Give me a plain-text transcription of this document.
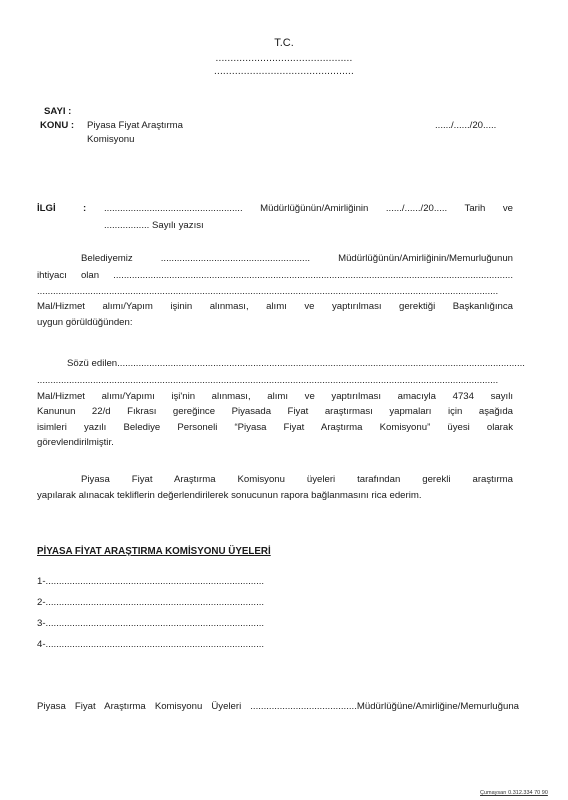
T.C.
..............................................
...............................................
SAYI :
KONU : Piyasa Fiyat Araştırma
Komisyonu
....../....../20.....
İLGİ	: .................................................... Müdürlüğünün/Amirliğinin ....../....../20..... Tarih ve
................. Sayılı yazısı
Belediyemiz ........................................................ Müdürlüğünün/Amirliğinin/Memurluğunun
ihtiyacı olan ......................................................................................................................................................
.............................................................................................................................................................................
Mal/Hizmet alımı/Yapım işinin alınması, alımı ve yaptırılması gerektiği Başkanlığınca
uygun görüldüğünden:
Sözü edilen.........................................................................................................................................................
.............................................................................................................................................................................
Mal/Hizmet alımı/Yapımı işi'nin alınması, alımı ve yaptırılması amacıyla 4734 sayılı
Kanunun 22/d Fıkrası gereğince Piyasada Fiyat araştırması yapmaları için aşağıda
isimleri yazılı Belediye Personeli “Piyasa Fiyat Araştırma Komisyonu” üyesi olarak
görevlendirilmiştir.
Piyasa Fiyat Araştırma Komisyonu üyeleri tarafından gerekli araştırma
yapılarak alınacak tekliflerin değerlendirilerek sonucunun rapora bağlanmasını rica ederim.
PİYASA FİYAT ARAŞTIRMA KOMİSYONU ÜYELERİ
1-..................................................................................
2-..................................................................................
3-..................................................................................
4-..................................................................................
Piyasa Fiyat Araştırma Komisyonu Üyeleri ........................................Müdürlüğüne/Amirliğine/Memurluğuna
Çumaysarı 0.312.334 70 90
